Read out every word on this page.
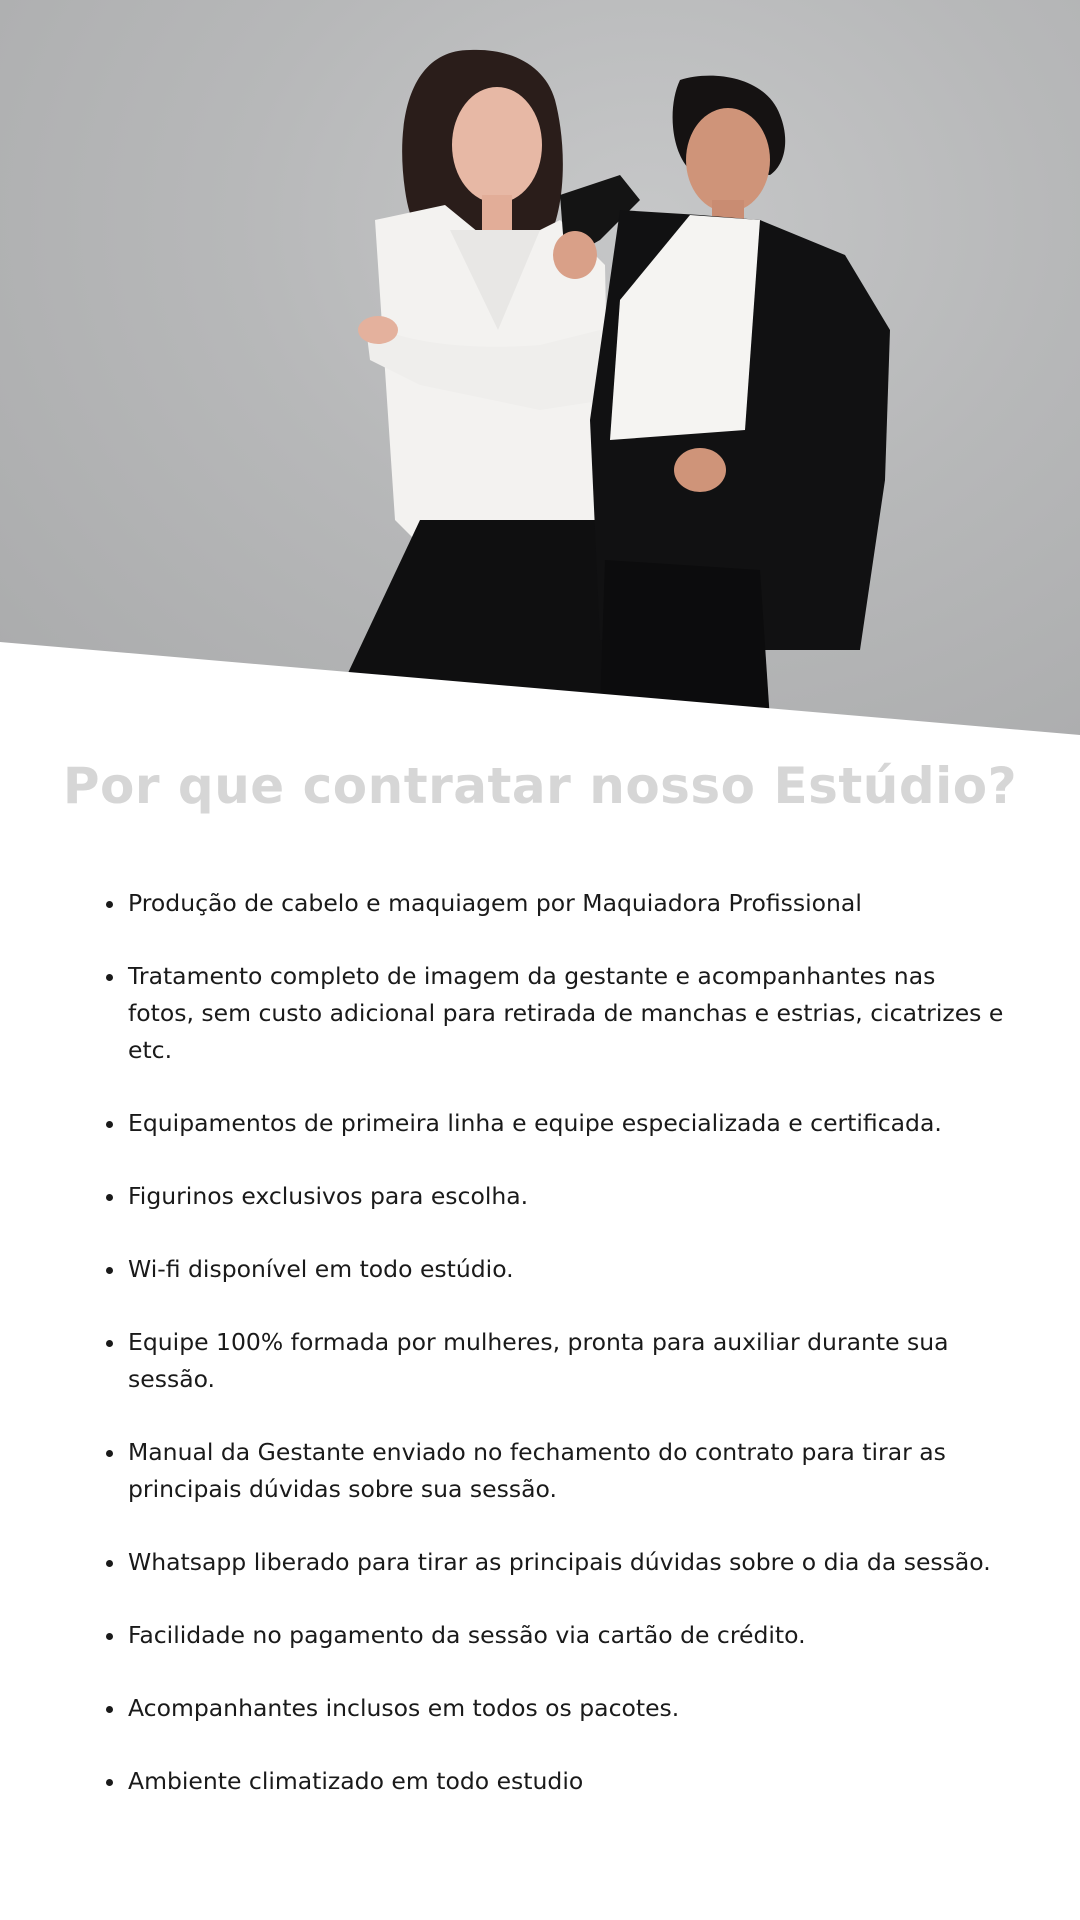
Por que contratar nosso Estúdio?
Produção de cabelo e maquiagem por Maquiadora Profissional
Tratamento completo de imagem da gestante e acompanhantes nas fotos, sem custo adicional para retirada de manchas e estrias, cicatrizes e etc.
Equipamentos de primeira linha e equipe especializada e certificada.
Figurinos exclusivos para escolha.
Wi-fi disponível em todo estúdio.
Equipe 100% formada por mulheres, pronta para auxiliar durante sua sessão.
Manual da Gestante enviado no fechamento do contrato para tirar as principais dúvidas sobre sua sessão.
Whatsapp liberado para tirar as principais dúvidas sobre o dia da sessão.
Facilidade no pagamento da sessão via cartão de crédito.
Acompanhantes inclusos em todos os pacotes.
Ambiente climatizado em todo estudio
